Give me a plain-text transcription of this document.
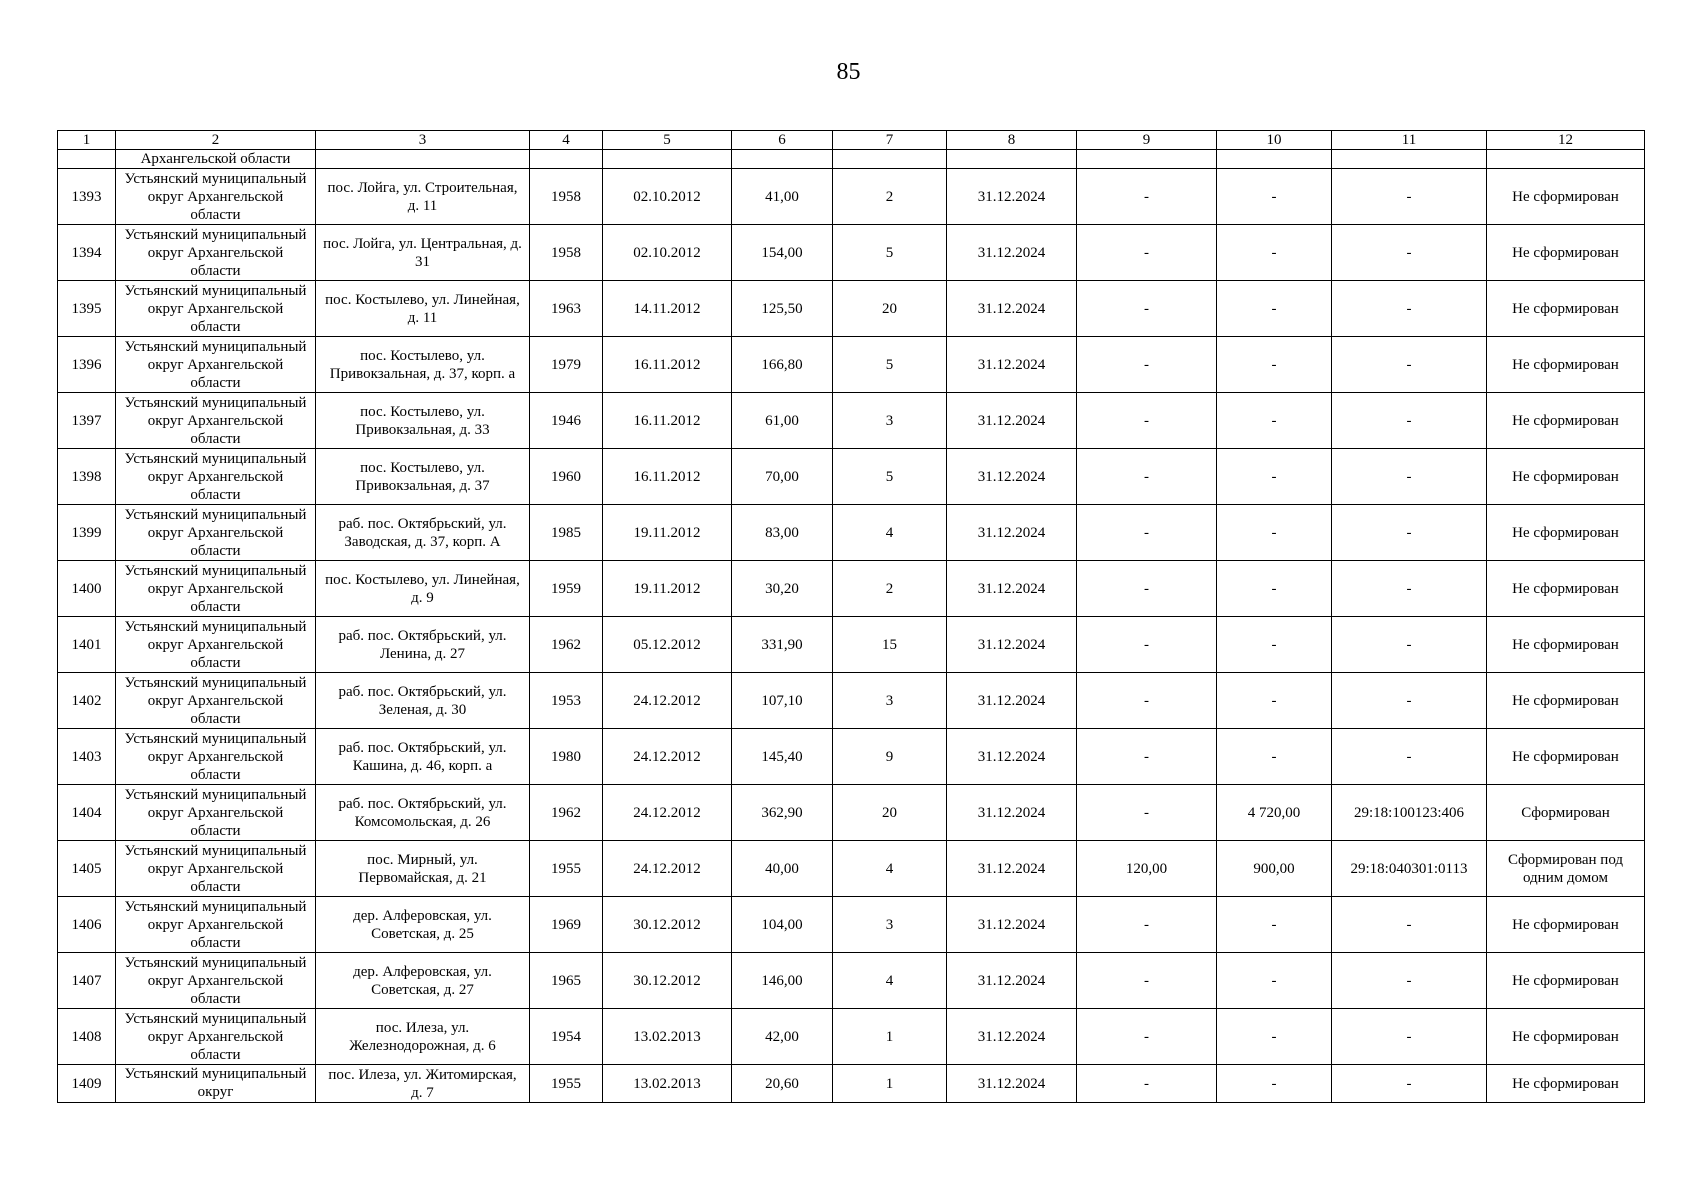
85
1	2	3	4	5	6	7	8	9	10	11	12
	Архангельской области										
1393	Устьянский муниципальный округ Архангельской области	пос. Лойга, ул. Строительная, д. 11	1958	02.10.2012	41,00	2	31.12.2024	-	-	-	Не сформирован
1394	Устьянский муниципальный округ Архангельской области	пос. Лойга, ул. Центральная, д. 31	1958	02.10.2012	154,00	5	31.12.2024	-	-	-	Не сформирован
1395	Устьянский муниципальный округ Архангельской области	пос. Костылево, ул. Линейная, д. 11	1963	14.11.2012	125,50	20	31.12.2024	-	-	-	Не сформирован
1396	Устьянский муниципальный округ Архангельской области	пос. Костылево, ул. Привокзальная, д. 37, корп. а	1979	16.11.2012	166,80	5	31.12.2024	-	-	-	Не сформирован
1397	Устьянский муниципальный округ Архангельской области	пос. Костылево, ул. Привокзальная, д. 33	1946	16.11.2012	61,00	3	31.12.2024	-	-	-	Не сформирован
1398	Устьянский муниципальный округ Архангельской области	пос. Костылево, ул. Привокзальная, д. 37	1960	16.11.2012	70,00	5	31.12.2024	-	-	-	Не сформирован
1399	Устьянский муниципальный округ Архангельской области	раб. пос. Октябрьский, ул. Заводская, д. 37, корп. А	1985	19.11.2012	83,00	4	31.12.2024	-	-	-	Не сформирован
1400	Устьянский муниципальный округ Архангельской области	пос. Костылево, ул. Линейная, д. 9	1959	19.11.2012	30,20	2	31.12.2024	-	-	-	Не сформирован
1401	Устьянский муниципальный округ Архангельской области	раб. пос. Октябрьский, ул. Ленина, д. 27	1962	05.12.2012	331,90	15	31.12.2024	-	-	-	Не сформирован
1402	Устьянский муниципальный округ Архангельской области	раб. пос. Октябрьский, ул. Зеленая, д. 30	1953	24.12.2012	107,10	3	31.12.2024	-	-	-	Не сформирован
1403	Устьянский муниципальный округ Архангельской области	раб. пос. Октябрьский, ул. Кашина, д. 46, корп. а	1980	24.12.2012	145,40	9	31.12.2024	-	-	-	Не сформирован
1404	Устьянский муниципальный округ Архангельской области	раб. пос. Октябрьский, ул. Комсомольская, д. 26	1962	24.12.2012	362,90	20	31.12.2024	-	4 720,00	29:18:100123:406	Сформирован
1405	Устьянский муниципальный округ Архангельской области	пос. Мирный, ул. Первомайская, д. 21	1955	24.12.2012	40,00	4	31.12.2024	120,00	900,00	29:18:040301:0113	Сформирован под одним домом
1406	Устьянский муниципальный округ Архангельской области	дер. Алферовская, ул. Советская, д. 25	1969	30.12.2012	104,00	3	31.12.2024	-	-	-	Не сформирован
1407	Устьянский муниципальный округ Архангельской области	дер. Алферовская, ул. Советская, д. 27	1965	30.12.2012	146,00	4	31.12.2024	-	-	-	Не сформирован
1408	Устьянский муниципальный округ Архангельской области	пос. Илеза, ул. Железнодорожная, д. 6	1954	13.02.2013	42,00	1	31.12.2024	-	-	-	Не сформирован
1409	Устьянский муниципальный округ	пос. Илеза, ул. Житомирская, д. 7	1955	13.02.2013	20,60	1	31.12.2024	-	-	-	Не сформирован
